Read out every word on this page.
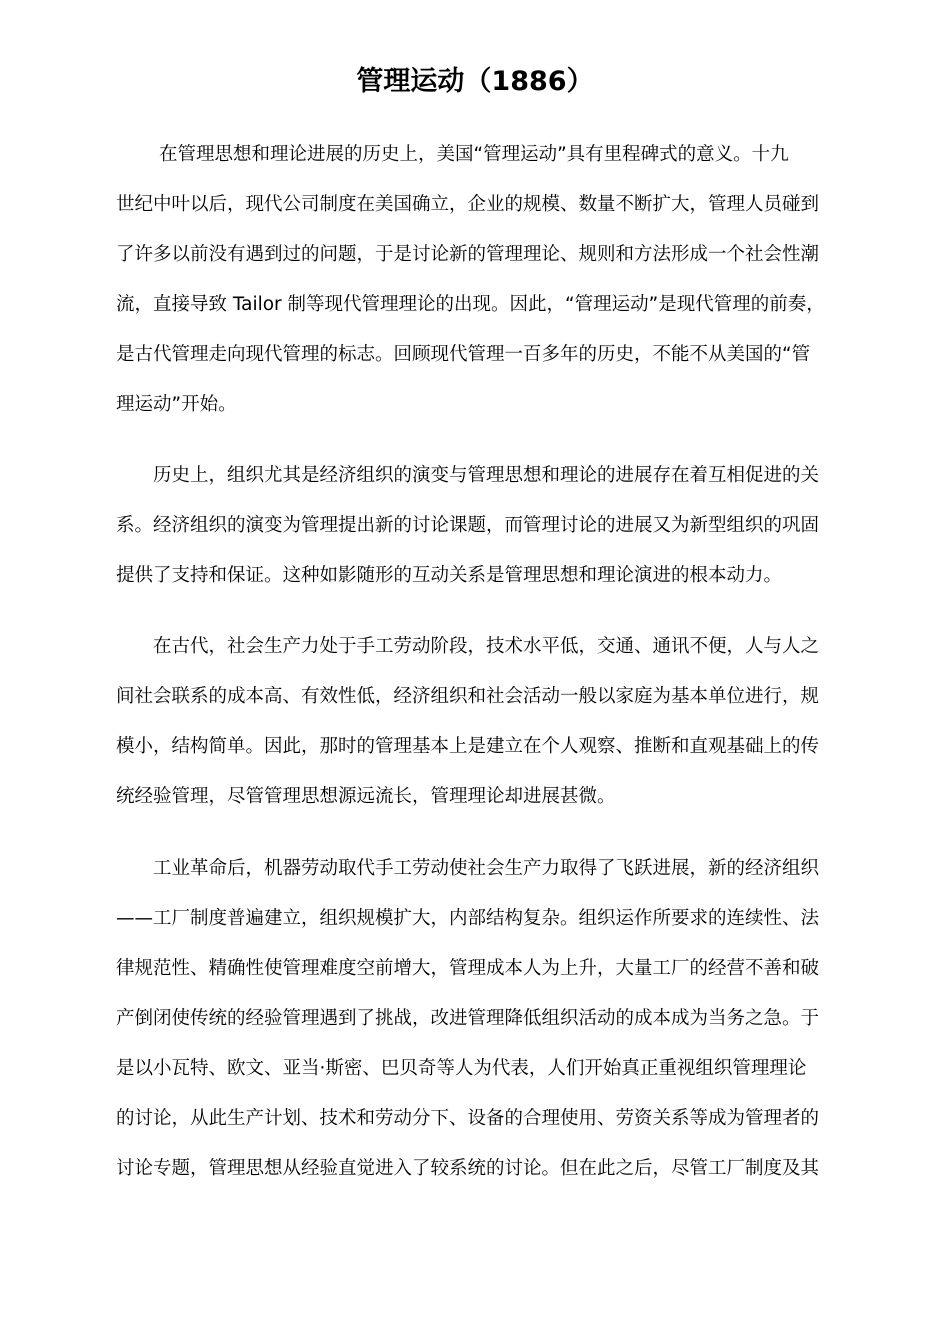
管理运动（1886）

在管理思想和理论进展的历史上，美国“管理运动”具有里程碑式的意义。十九

世纪中叶以后，现代公司制度在美国确立，企业的规模、数量不断扩大，管理人员碰到

了许多以前没有遇到过的问题，于是讨论新的管理理论、规则和方法形成一个社会性潮

流，直接导致 Tailor 制等现代管理理论的出现。因此，“管理运动”是现代管理的前奏，

是古代管理走向现代管理的标志。回顾现代管理一百多年的历史，不能不从美国的“管

理运动”开始。

历史上，组织尤其是经济组织的演变与管理思想和理论的进展存在着互相促进的关

系。经济组织的演变为管理提出新的讨论课题，而管理讨论的进展又为新型组织的巩固

提供了支持和保证。这种如影随形的互动关系是管理思想和理论演进的根本动力。

在古代，社会生产力处于手工劳动阶段，技术水平低，交通、通讯不便，人与人之

间社会联系的成本高、有效性低，经济组织和社会活动一般以家庭为基本单位进行，规

模小，结构简单。因此，那时的管理基本上是建立在个人观察、推断和直观基础上的传

统经验管理，尽管管理思想源远流长，管理理论却进展甚微。

工业革命后，机器劳动取代手工劳动使社会生产力取得了飞跃进展，新的经济组织

——工厂制度普遍建立，组织规模扩大，内部结构复杂。组织运作所要求的连续性、法

律规范性、精确性使管理难度空前增大，管理成本人为上升，大量工厂的经营不善和破

产倒闭使传统的经验管理遇到了挑战，改进管理降低组织活动的成本成为当务之急。于

是以小瓦特、欧文、亚当·斯密、巴贝奇等人为代表，人们开始真正重视组织管理理论

的讨论，从此生产计划、技术和劳动分下、设备的合理使用、劳资关系等成为管理者的

讨论专题，管理思想从经验直觉进入了较系统的讨论。但在此之后，尽管工厂制度及其
